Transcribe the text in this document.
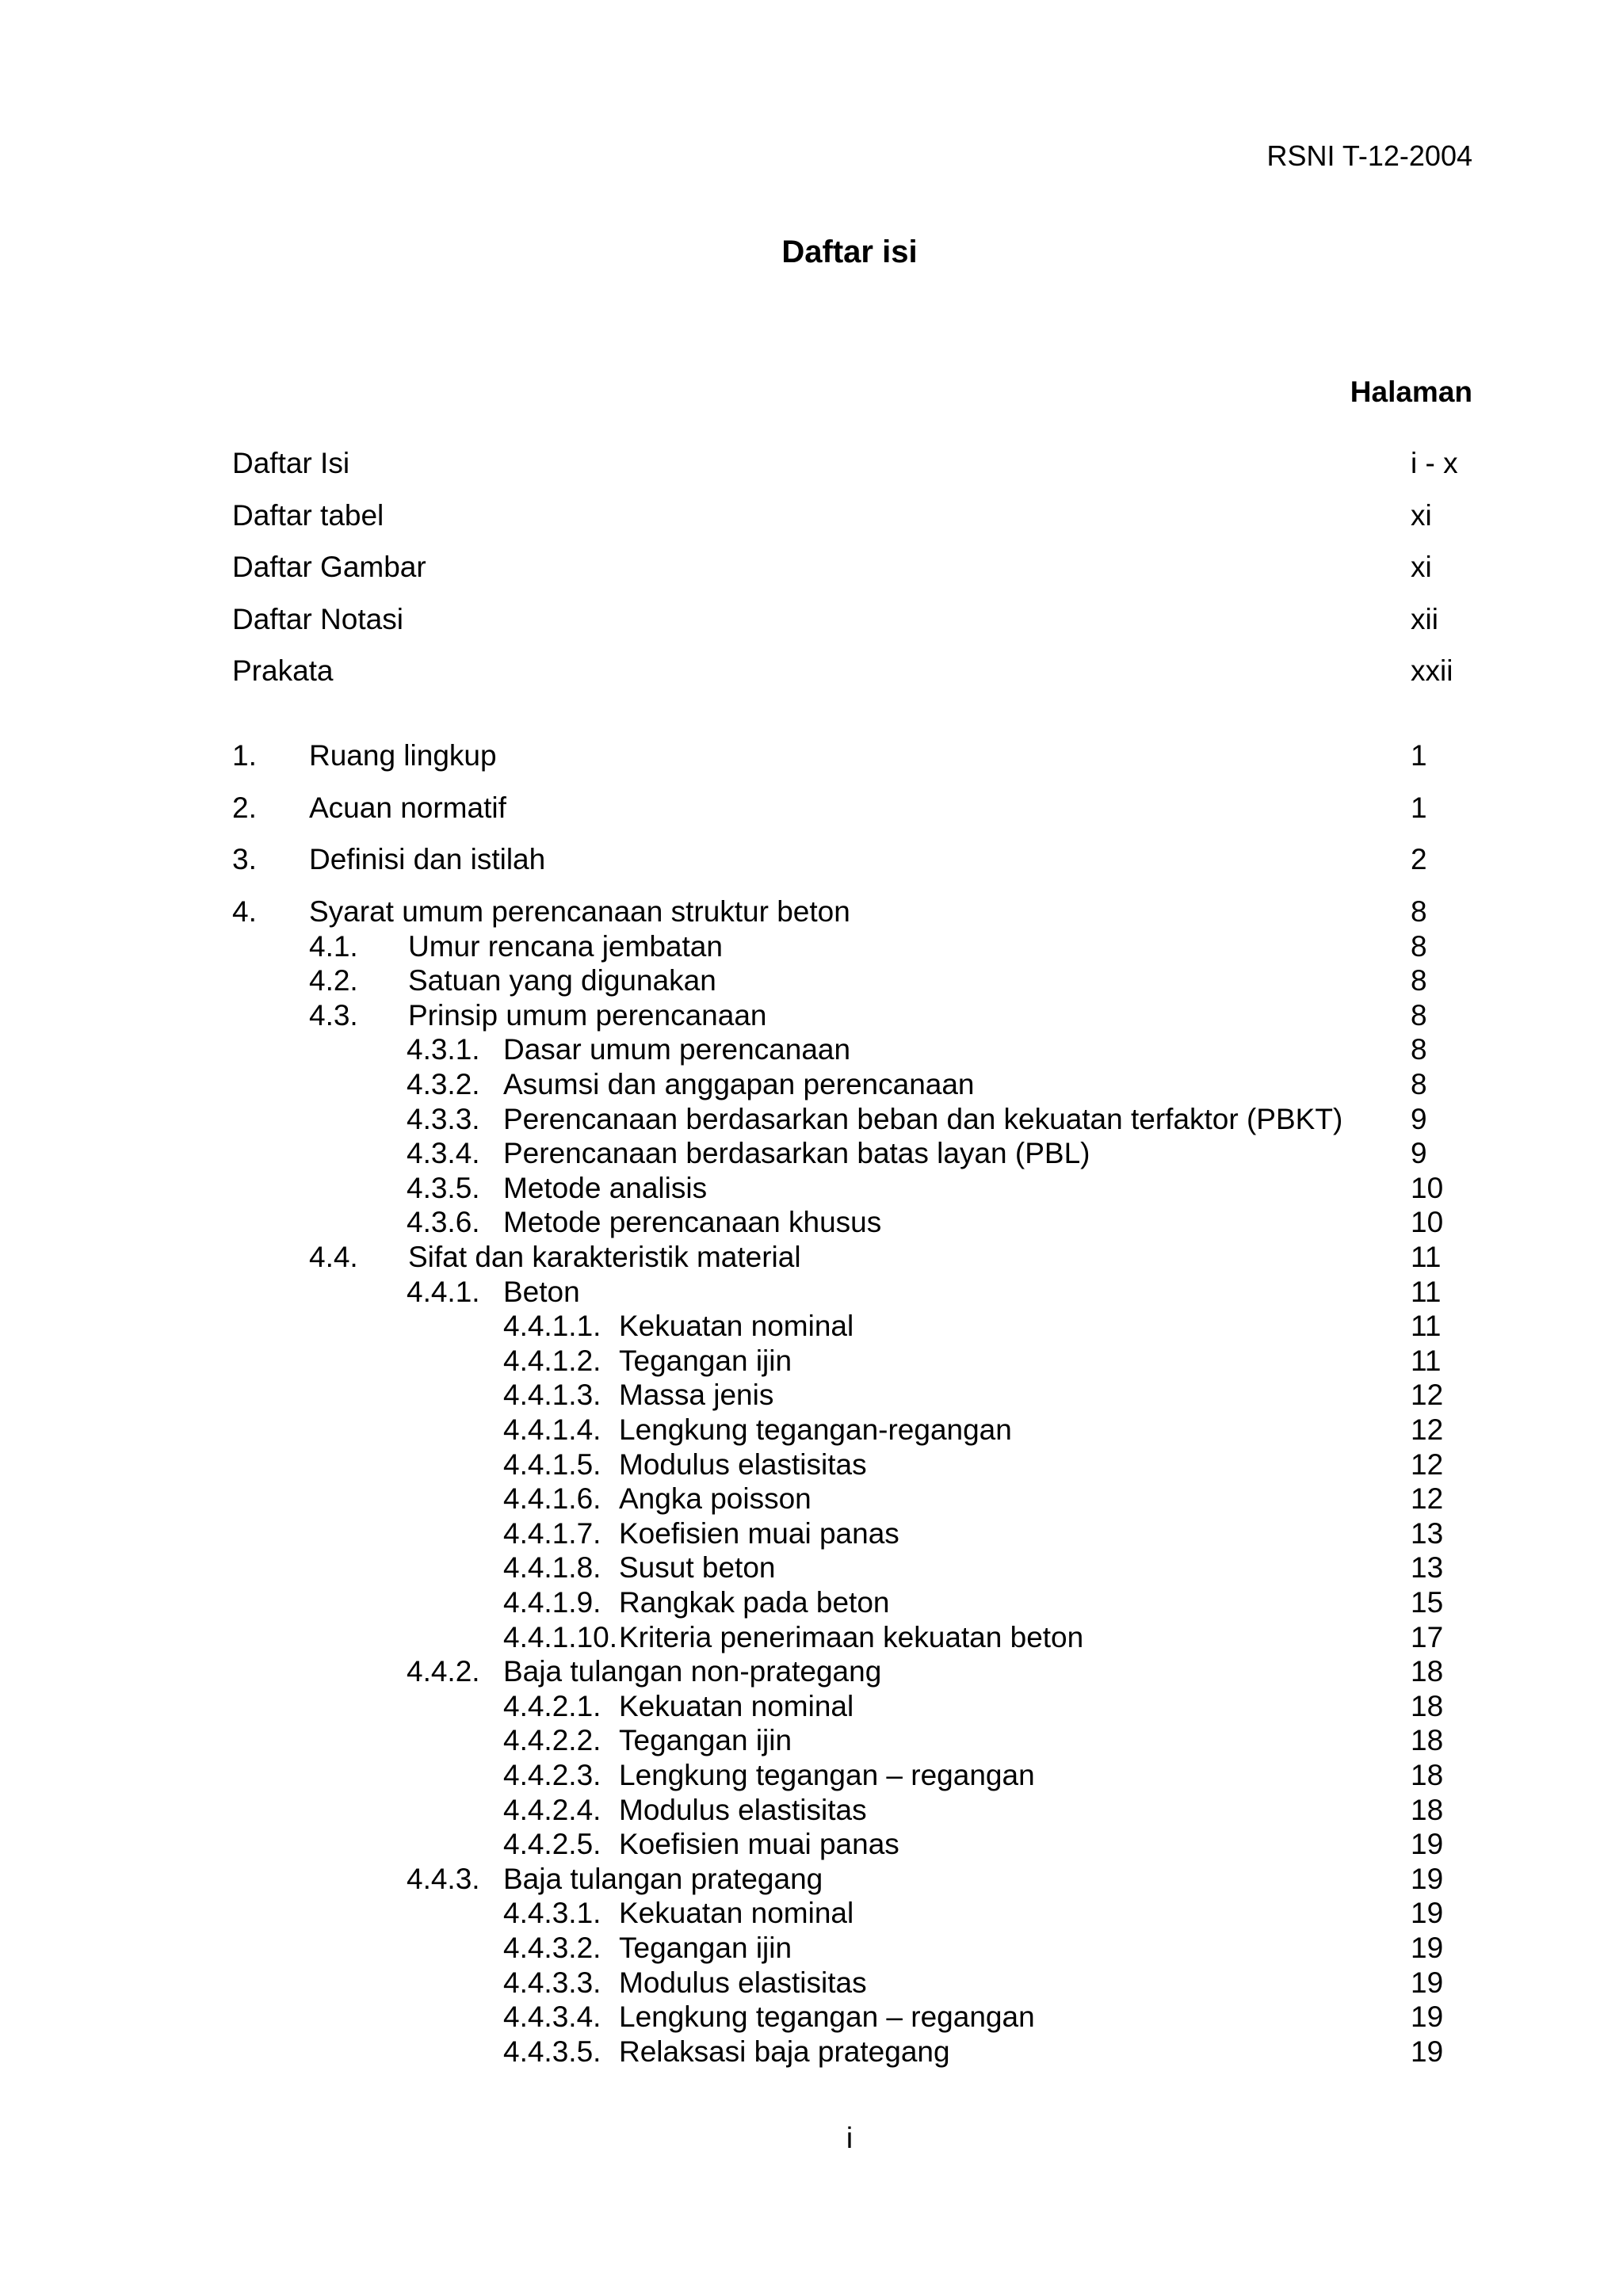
RSNI T-12-2004
Daftar isi
Halaman
Daftar Isi	i - x
Daftar tabel	xi
Daftar Gambar	xi
Daftar Notasi	xii
Prakata	xxii
1. Ruang lingkup	1
2. Acuan normatif	1
3. Definisi dan istilah	2
4. Syarat umum perencanaan struktur beton	8
4.1. Umur rencana jembatan	8
4.2. Satuan yang digunakan	8
4.3. Prinsip umum perencanaan	8
4.3.1. Dasar umum perencanaan	8
4.3.2. Asumsi dan anggapan perencanaan	8
4.3.3. Perencanaan berdasarkan beban dan kekuatan terfaktor (PBKT) 9
4.3.4. Perencanaan berdasarkan batas layan (PBL)	9
4.3.5. Metode analisis	10
4.3.6. Metode perencanaan khusus	10
4.4. Sifat dan karakteristik material	11
4.4.1. Beton	11
4.4.1.1. Kekuatan nominal	11
4.4.1.2. Tegangan ijin	11
4.4.1.3. Massa jenis	12
4.4.1.4. Lengkung tegangan-regangan	12
4.4.1.5. Modulus elastisitas	12
4.4.1.6. Angka poisson	12
4.4.1.7. Koefisien muai panas	13
4.4.1.8. Susut beton	13
4.4.1.9. Rangkak pada beton	15
4.4.1.10. Kriteria penerimaan kekuatan beton	17
4.4.2. Baja tulangan non-prategang	18
4.4.2.1. Kekuatan nominal	18
4.4.2.2. Tegangan ijin	18
4.4.2.3. Lengkung tegangan – regangan	18
4.4.2.4. Modulus elastisitas	18
4.4.2.5. Koefisien muai panas	19
4.4.3. Baja tulangan prategang	19
4.4.3.1. Kekuatan nominal	19
4.4.3.2. Tegangan ijin	19
4.4.3.3. Modulus elastisitas	19
4.4.3.4. Lengkung tegangan – regangan	19
4.4.3.5. Relaksasi baja prategang	19
i
